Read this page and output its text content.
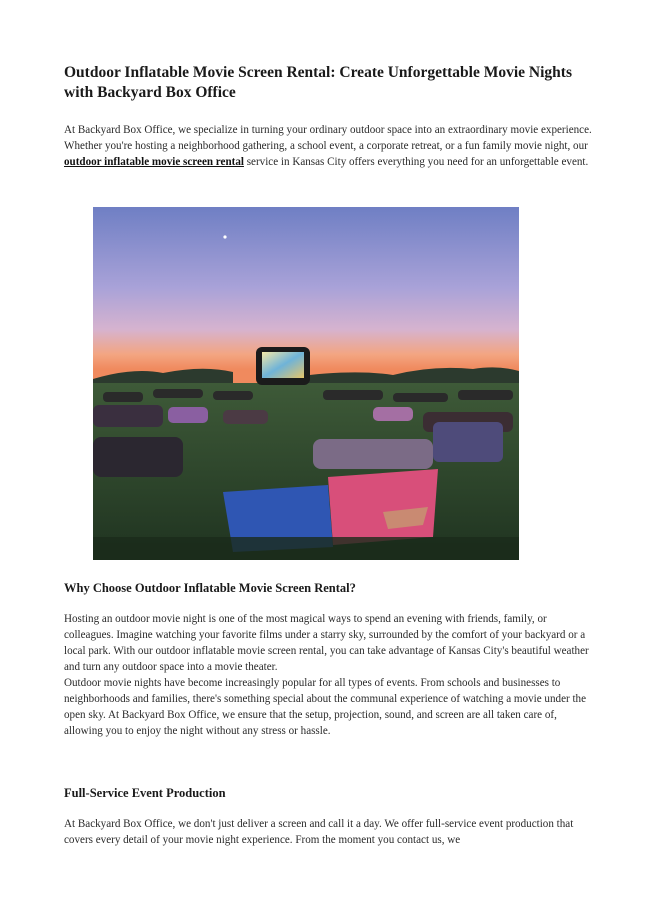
Outdoor Inflatable Movie Screen Rental: Create Unforgettable Movie Nights with Backyard Box Office

At Backyard Box Office, we specialize in turning your ordinary outdoor space into an extraordinary movie experience. Whether you're hosting a neighborhood gathering, a school event, a corporate retreat, or a fun family movie night, our outdoor inflatable movie screen rental service in Kansas City offers everything you need for an unforgettable event.

Why Choose Outdoor Inflatable Movie Screen Rental?

Hosting an outdoor movie night is one of the most magical ways to spend an evening with friends, family, or colleagues. Imagine watching your favorite films under a starry sky, surrounded by the comfort of your backyard or a local park. With our outdoor inflatable movie screen rental, you can take advantage of Kansas City's beautiful weather and turn any outdoor space into a movie theater.

Outdoor movie nights have become increasingly popular for all types of events. From schools and businesses to neighborhoods and families, there's something special about the communal experience of watching a movie under the open sky. At Backyard Box Office, we ensure that the setup, projection, sound, and screen are all taken care of, allowing you to enjoy the night without any stress or hassle.

Full-Service Event Production

At Backyard Box Office, we don't just deliver a screen and call it a day. We offer full-service event production that covers every detail of your movie night experience. From the moment you contact us, we
